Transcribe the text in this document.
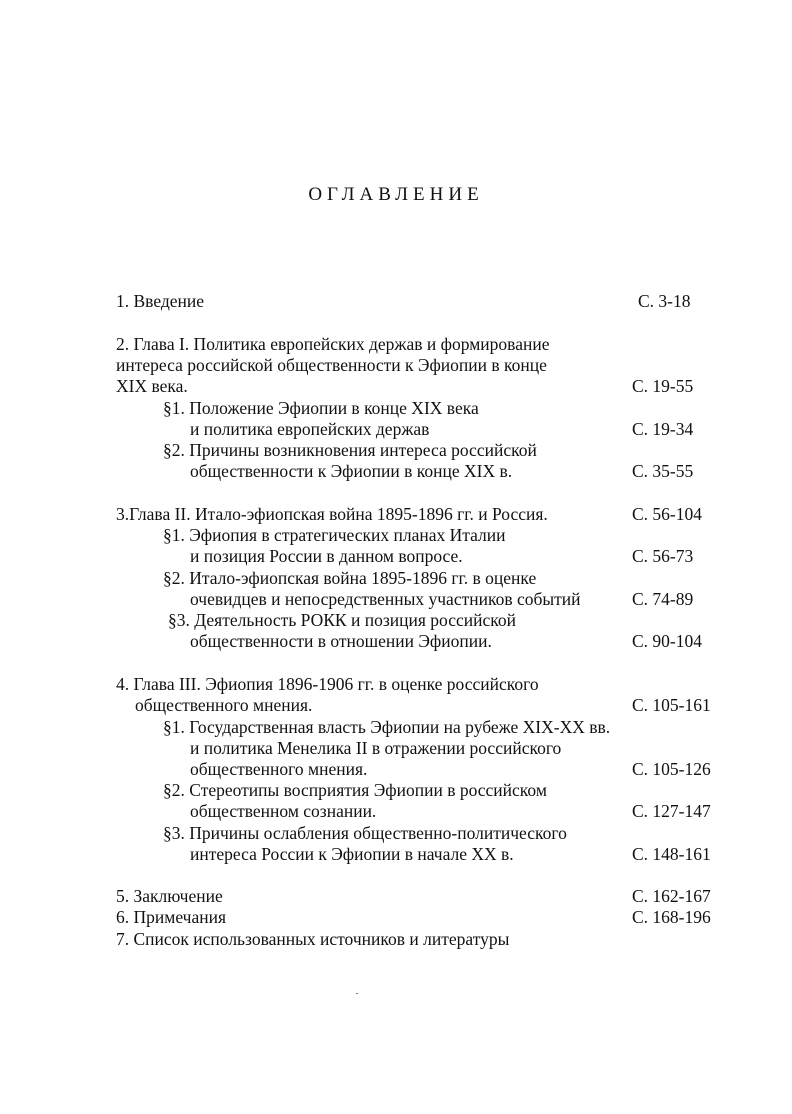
ОГЛАВЛЕНИЕ
1. Введение	С. 3-18
2. Глава I. Политика европейских держав и формирование
интереса российской общественности к Эфиопии в конце
XIX века.	С. 19-55
§1. Положение Эфиопии в конце XIX века
и политика европейских держав	С. 19-34
§2. Причины возникновения интереса российской
общественности к Эфиопии в конце XIX в.	С. 35-55
3.Глава II. Итало-эфиопская война 1895-1896 гг. и Россия.	С. 56-104
§1. Эфиопия в стратегических планах Италии
и позиция России в данном вопросе.	С. 56-73
§2. Итало-эфиопская война 1895-1896 гг. в оценке
очевидцев и непосредственных участников событий	С. 74-89
§3. Деятельность РОКК и позиция российской
общественности в отношении Эфиопии.	С. 90-104
4. Глава III. Эфиопия 1896-1906 гг. в оценке российского
общественного мнения.	С. 105-161
§1. Государственная власть Эфиопии на рубеже XIX-XX вв.
и политика Менелика II в отражении российского
общественного мнения.	С. 105-126
§2. Стереотипы восприятия Эфиопии в российском
общественном сознании.	С. 127-147
§3. Причины ослабления общественно-политического
интереса России к Эфиопии в начале XX в.	С. 148-161
5. Заключение	С. 162-167
6. Примечания	С. 168-196
7. Список использованных источников и литературы
